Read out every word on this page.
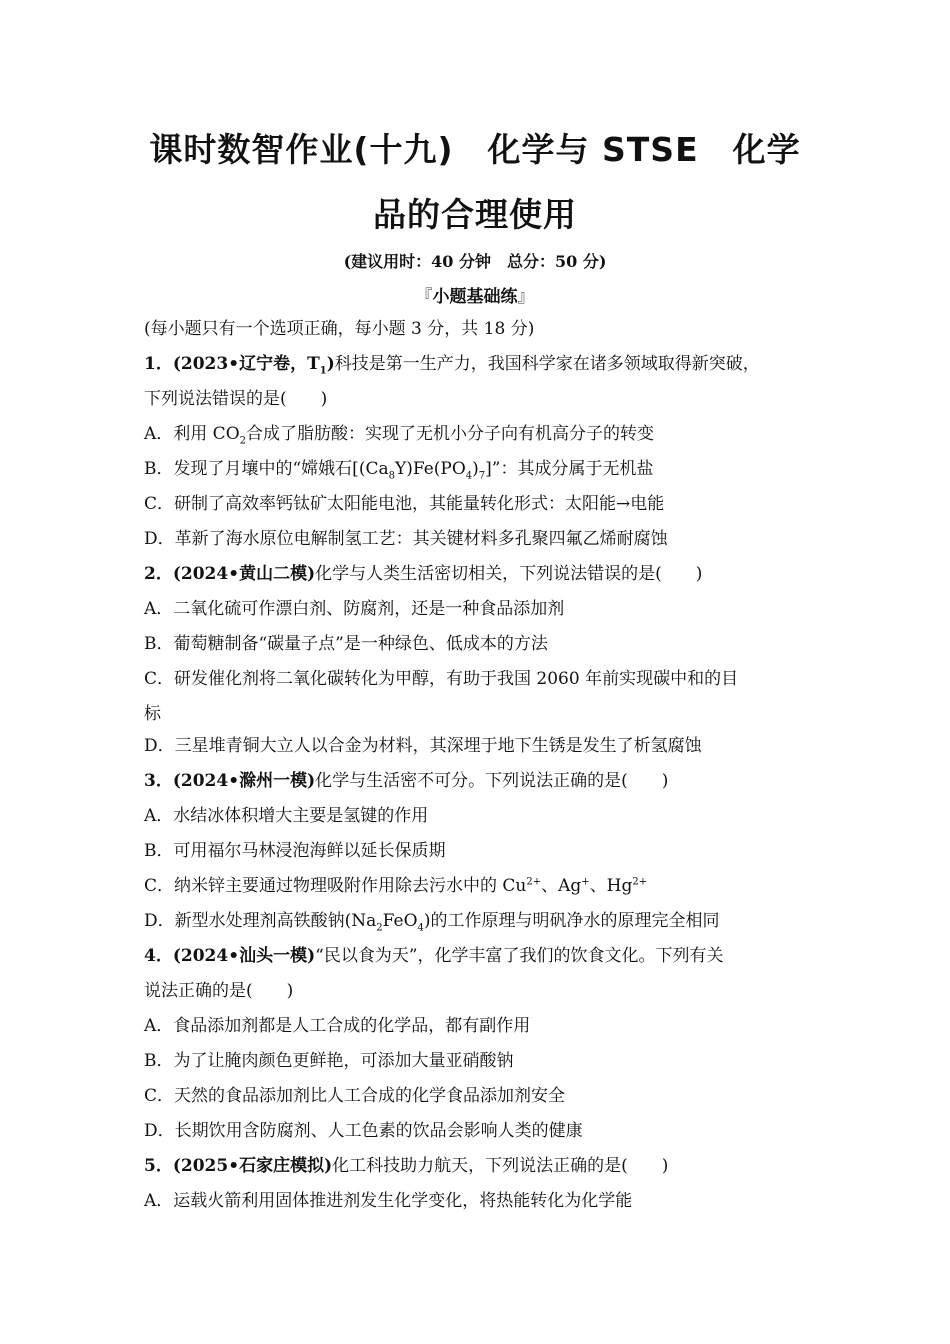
课时数智作业(十九)　化学与 STSE　化学
品的合理使用
(建议用时：40 分钟　总分：50 分)
『小题基础练』
(每小题只有一个选项正确，每小题 3 分，共 18 分)
1．(2023•辽宁卷，$T_1$)科技是第一生产力，我国科学家在诸多领域取得新突破，
下列说法错误的是(　　)
A．利用 $CO_2$合成了脂肪酸：实现了无机小分子向有机高分子的转变
B．发现了月壤中的“嫦娥石$[(Ca_8Y)Fe(PO_4)_7]$”：其成分属于无机盐
C．研制了高效率钙钛矿太阳能电池，其能量转化形式：太阳能→电能
D．革新了海水原位电解制氢工艺：其关键材料多孔聚四氟乙烯耐腐蚀
2．(2024•黄山二模)化学与人类生活密切相关，下列说法错误的是(　　)
A．二氧化硫可作漂白剂、防腐剂，还是一种食品添加剂
B．葡萄糖制备“碳量子点”是一种绿色、低成本的方法
C．研发催化剂将二氧化碳转化为甲醇，有助于我国 2060 年前实现碳中和的目
标
D．三星堆青铜大立人以合金为材料，其深埋于地下生锈是发生了析氢腐蚀
3．(2024•滁州一模)化学与生活密不可分。下列说法正确的是(　　)
A．水结冰体积增大主要是氢键的作用
B．可用福尔马林浸泡海鲜以延长保质期
C．纳米锌主要通过物理吸附作用除去污水中的 $Cu^{2+}$、Ag+、$Hg^{2+}$
D．新型水处理剂高铁酸钠$(Na_2FeO_4)$的工作原理与明矾净水的原理完全相同
4．(2024•汕头一模)“民以食为天”，化学丰富了我们的饮食文化。下列有关
说法正确的是(　　)
A．食品添加剂都是人工合成的化学品，都有副作用
B．为了让腌肉颜色更鲜艳，可添加大量亚硝酸钠
C．天然的食品添加剂比人工合成的化学食品添加剂安全
D．长期饮用含防腐剂、人工色素的饮品会影响人类的健康
5．(2025•石家庄模拟)化工科技助力航天，下列说法正确的是(　　)
A．运载火箭利用固体推进剂发生化学变化，将热能转化为化学能
